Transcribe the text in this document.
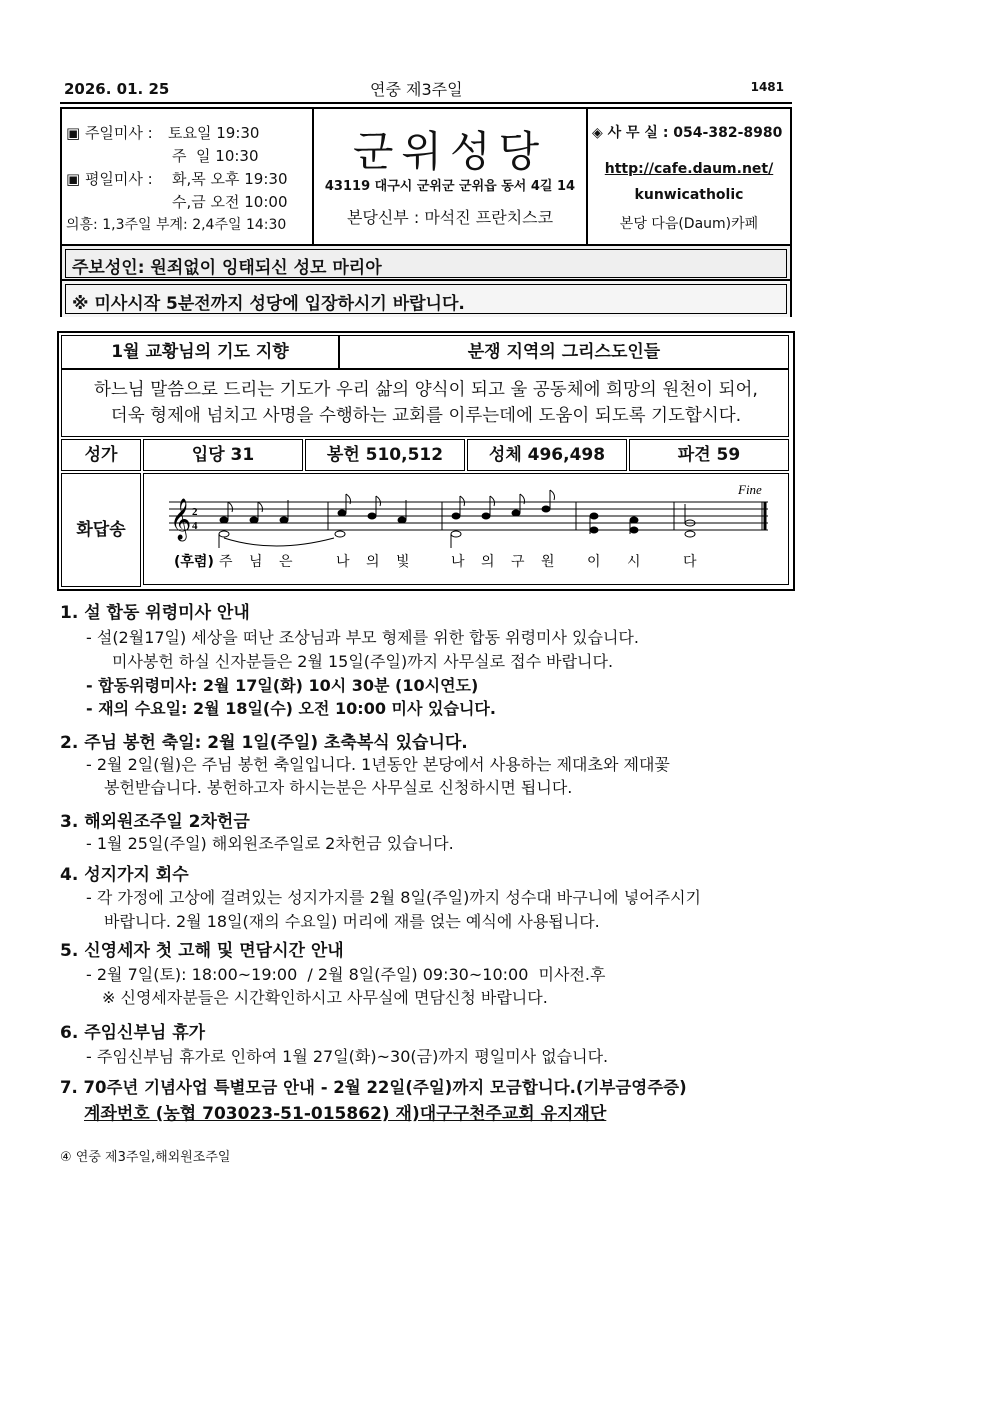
2026. 01. 25	연중 제3주일	1481
▣ 주일미사 : 토요일 19:30
주  일 10:30
▣ 평일미사 : 화,목 오후 19:30
수,금 오전 10:00
의흥: 1,3주일 부계: 2,4주일 14:30
군위성당
43119 대구시 군위군 군위읍 동서 4길 14
본당신부 : 마석진 프란치스코
◈ 사 무 실 : 054-382-8980
http://cafe.daum.net/
kunwicatholic
본당 다음(Daum)카페
주보성인: 원죄없이 잉태되신 성모 마리아
※ 미사시작 5분전까지 성당에 입장하시기 바랍니다.
1월 교황님의 기도 지향	분쟁 지역의 그리스도인들
하느님 말씀으로 드리는 기도가 우리 삶의 양식이 되고 울 공동체에 희망의 원천이 되어,
더욱 형제애 넘치고 사명을 수행하는 교회를 이루는데에 도움이 되도록 기도합시다.
성가	입당 31	봉헌 510,512	성체 496,498	파견 59
화답송	𝄞 2
4
Fine
(후렴) 주 님 은	나 의 빛	나 의 구 원 이 시	다
1. 설 합동 위령미사 안내
- 설(2월17일) 세상을 떠난 조상님과 부모 형제를 위한 합동 위령미사 있습니다.
미사봉헌 하실 신자분들은 2월 15일(주일)까지 사무실로 접수 바랍니다.
- 합동위령미사: 2월 17일(화) 10시 30분 (10시연도)
- 재의 수요일: 2월 18일(수) 오전 10:00 미사 있습니다.
2. 주님 봉헌 축일: 2월 1일(주일) 초축복식 있습니다.
- 2월 2일(월)은 주님 봉헌 축일입니다. 1년동안 본당에서 사용하는 제대초와 제대꽃
봉헌받습니다. 봉헌하고자 하시는분은 사무실로 신청하시면 됩니다.
3. 해외원조주일 2차헌금
- 1월 25일(주일) 해외원조주일로 2차헌금 있습니다.
4. 성지가지 회수
- 각 가정에 고상에 걸려있는 성지가지를 2월 8일(주일)까지 성수대 바구니에 넣어주시기
바랍니다. 2월 18일(재의 수요일) 머리에 재를 얹는 예식에 사용됩니다.
5. 신영세자 첫 고해 및 면담시간 안내
- 2월 7일(토): 18:00~19:00  / 2월 8일(주일) 09:30~10:00  미사전.후
※ 신영세자분들은 시간확인하시고 사무실에 면담신청 바랍니다.
6. 주임신부님 휴가
- 주임신부님 휴가로 인하여 1월 27일(화)~30(금)까지 평일미사 없습니다.
7. 70주년 기념사업 특별모금 안내 - 2월 22일(주일)까지 모금합니다.(기부금영주증)
계좌번호 (농협 703023-51-015862) 재)대구구천주교회 유지재단
④ 연중 제3주일,해외원조주일
